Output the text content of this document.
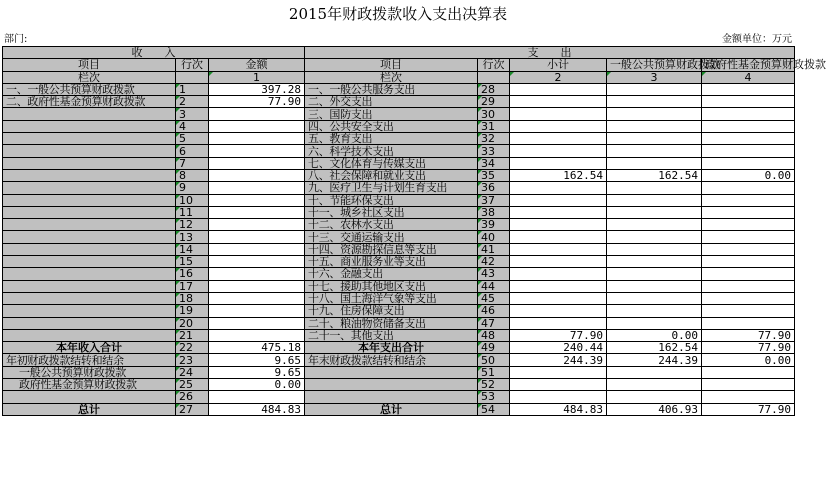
2015年财政拨款收入支出决算表
部门:	金额单位：万元
收　　入			支　　出				
项目	行次	金额	项目	行次	小计	一般公共预算财政拨款	政府性基金预算财政拨款
栏次		1	栏次		2	3	4
一、一般公共预算财政拨款	1	397.28	一、一般公共服务支出	28			
二、政府性基金预算财政拨款	2	77.90	二、外交支出	29			
	3		三、国防支出	30			
	4		四、公共安全支出	31			
	5		五、教育支出	32			
	6		六、科学技术支出	33			
	7		七、文化体育与传媒支出	34			
	8		八、社会保障和就业支出	35	162.54	162.54	0.00
	9		九、医疗卫生与计划生育支出	36			
	10		十、节能环保支出	37			
	11		十一、城乡社区支出	38			
	12		十二、农林水支出	39			
	13		十三、交通运输支出	40			
	14		十四、资源勘探信息等支出	41			
	15		十五、商业服务业等支出	42			
	16		十六、金融支出	43			
	17		十七、援助其他地区支出	44			
	18		十八、国土海洋气象等支出	45			
	19		十九、住房保障支出	46			
	20		二十、粮油物资储备支出	47			
	21		二十一、其他支出	48	77.90	0.00	77.90
本年收入合计	22	475.18	本年支出合计	49	240.44	162.54	77.90
年初财政拨款结转和结余	23	9.65	年末财政拨款结转和结余	50	244.39	244.39	0.00
一般公共预算财政拨款	24	9.65		51			
政府性基金预算财政拨款	25	0.00		52			
	26			53			
总计	27	484.83	总计	54	484.83	406.93	77.90
